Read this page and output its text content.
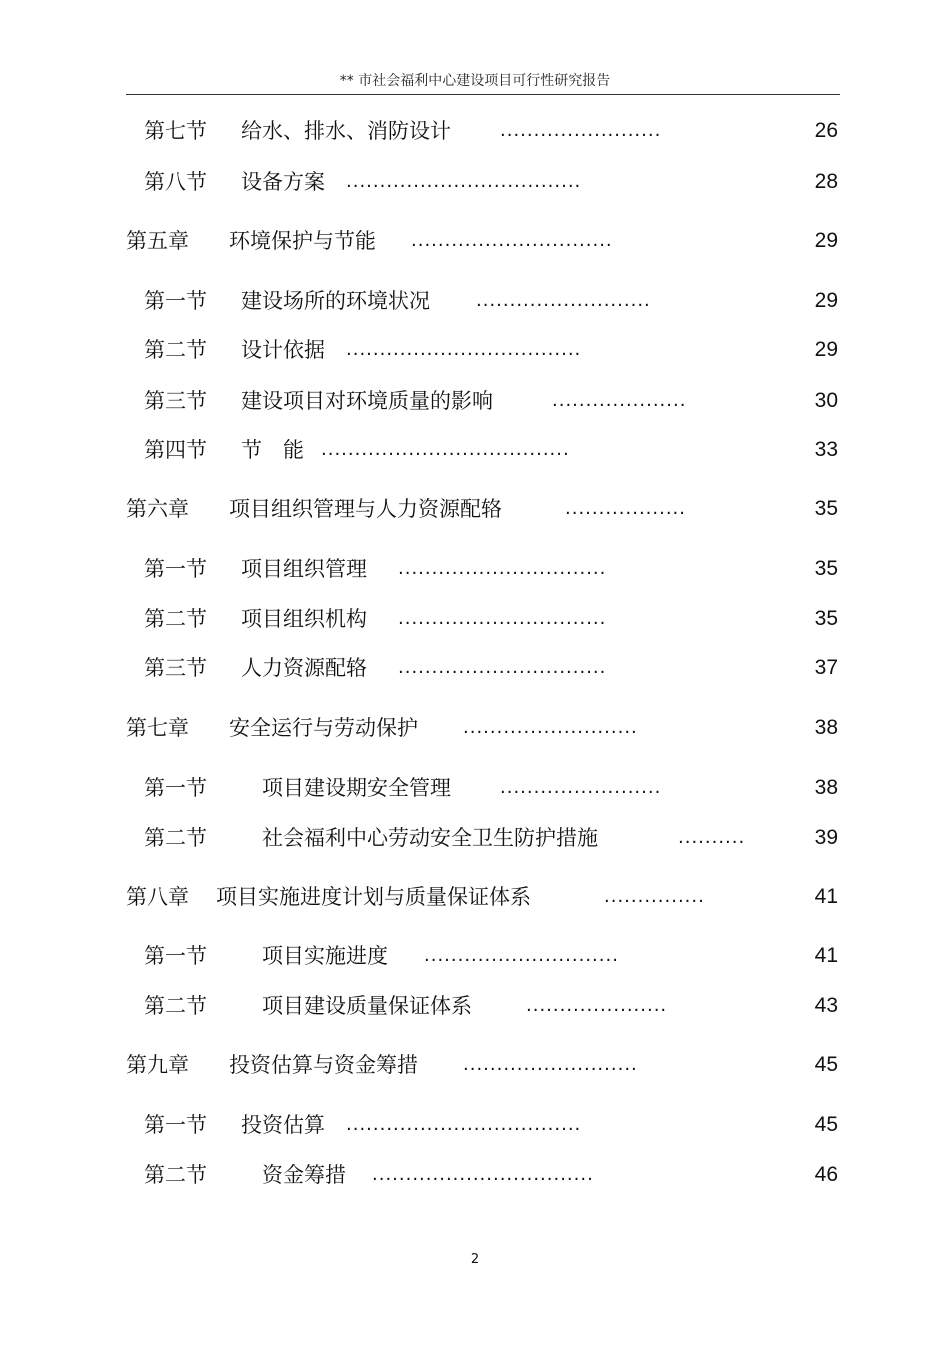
** 市社会福利中心建设项目可行性研究报告
第七节 给水、排水、消防设计	........................	26
第八节 设备方案 ...................................	28
第五章 环境保护与节能 ..............................	29
第一节 建设场所的环境状况	..........................	29
第二节 设计依据 ...................................	29
第三节 建设项目对环境质量的影响	....................	30
第四节 节　能 .....................................	33
第六章 项目组织管理与人力资源配辂	..................	35
第一节 项目组织管理 ...............................	35
第二节 项目组织机构 ...............................	35
第三节 人力资源配辂 ...............................	37
第七章 安全运行与劳动保护	..........................	38
第一节	项目建设期安全管理	........................	38
第二节	社会福利中心劳动安全卫生防护措施	..........	39
第八章 项目实施进度计划与质量保证体系	...............	41
第一节	项目实施进度 .............................	41
第二节	项目建设质量保证体系	.....................	43
第九章 投资估算与资金筹措	..........................	45
第一节 投资估算 ...................................	45
第二节	资金筹措 .................................	46
2
